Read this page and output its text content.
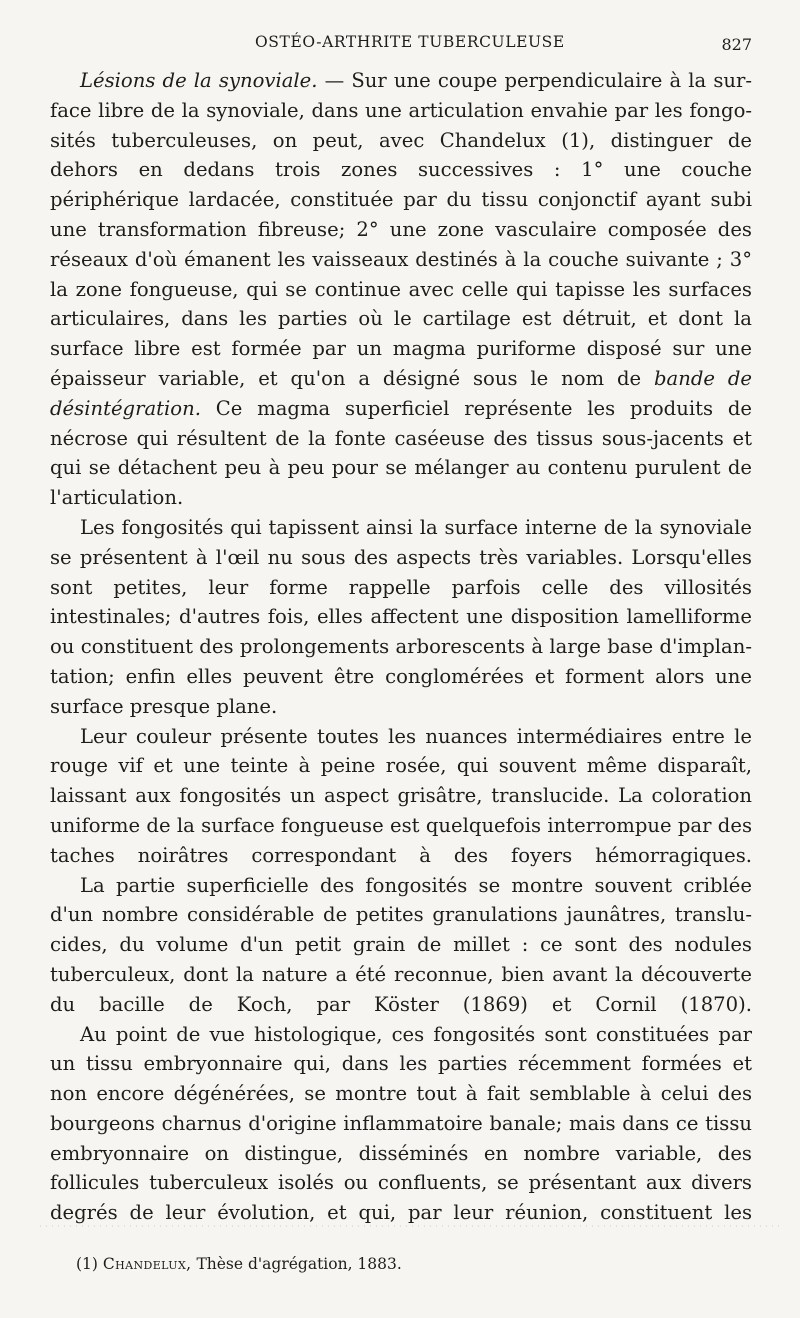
OSTÉO-ARTHRITE TUBERCULEUSE	827

Lésions de la synoviale. — Sur une coupe perpendiculaire à la surface libre de la synoviale, dans une articulation envahie par les fongosités tuberculeuses, on peut, avec Chandelux (1), distinguer de dehors en dedans trois zones successives : 1° une couche périphérique lardacée, constituée par du tissu conjonctif ayant subi une transformation fibreuse; 2° une zone vasculaire composée des réseaux d'où émanent les vaisseaux destinés à la couche suivante ; 3° la zone fongueuse, qui se continue avec celle qui tapisse les surfaces articulaires, dans les parties où le cartilage est détruit, et dont la surface libre est formée par un magma puriforme disposé sur une épaisseur variable, et qu'on a désigné sous le nom de bande de désintégration. Ce magma superficiel représente les produits de nécrose qui résultent de la fonte caséeuse des tissus sous-jacents et qui se détachent peu à peu pour se mélanger au contenu purulent de l'articulation.

Les fongosités qui tapissent ainsi la surface interne de la synoviale se présentent à l'œil nu sous des aspects très variables. Lorsqu'elles sont petites, leur forme rappelle parfois celle des villosités intestinales; d'autres fois, elles affectent une disposition lamelliforme ou constituent des prolongements arborescents à large base d'implantation; enfin elles peuvent être conglomérées et forment alors une surface presque plane.

Leur couleur présente toutes les nuances intermédiaires entre le rouge vif et une teinte à peine rosée, qui souvent même disparaît, laissant aux fongosités un aspect grisâtre, translucide. La coloration uniforme de la surface fongueuse est quelquefois interrompue par des taches noirâtres correspondant à des foyers hémorragiques.

La partie superficielle des fongosités se montre souvent criblée d'un nombre considérable de petites granulations jaunâtres, translucides, du volume d'un petit grain de millet : ce sont des nodules tuberculeux, dont la nature a été reconnue, bien avant la découverte du bacille de Koch, par Köster (1869) et Cornil (1870).

Au point de vue histologique, ces fongosités sont constituées par un tissu embryonnaire qui, dans les parties récemment formées et non encore dégénérées, se montre tout à fait semblable à celui des bourgeons charnus d'origine inflammatoire banale; mais dans ce tissu embryonnaire on distingue, disséminés en nombre variable, des follicules tuberculeux isolés ou confluents, se présentant aux divers degrés de leur évolution, et qui, par leur réunion, constituent les

(1) Chandelux, Thèse d'agrégation, 1883.
